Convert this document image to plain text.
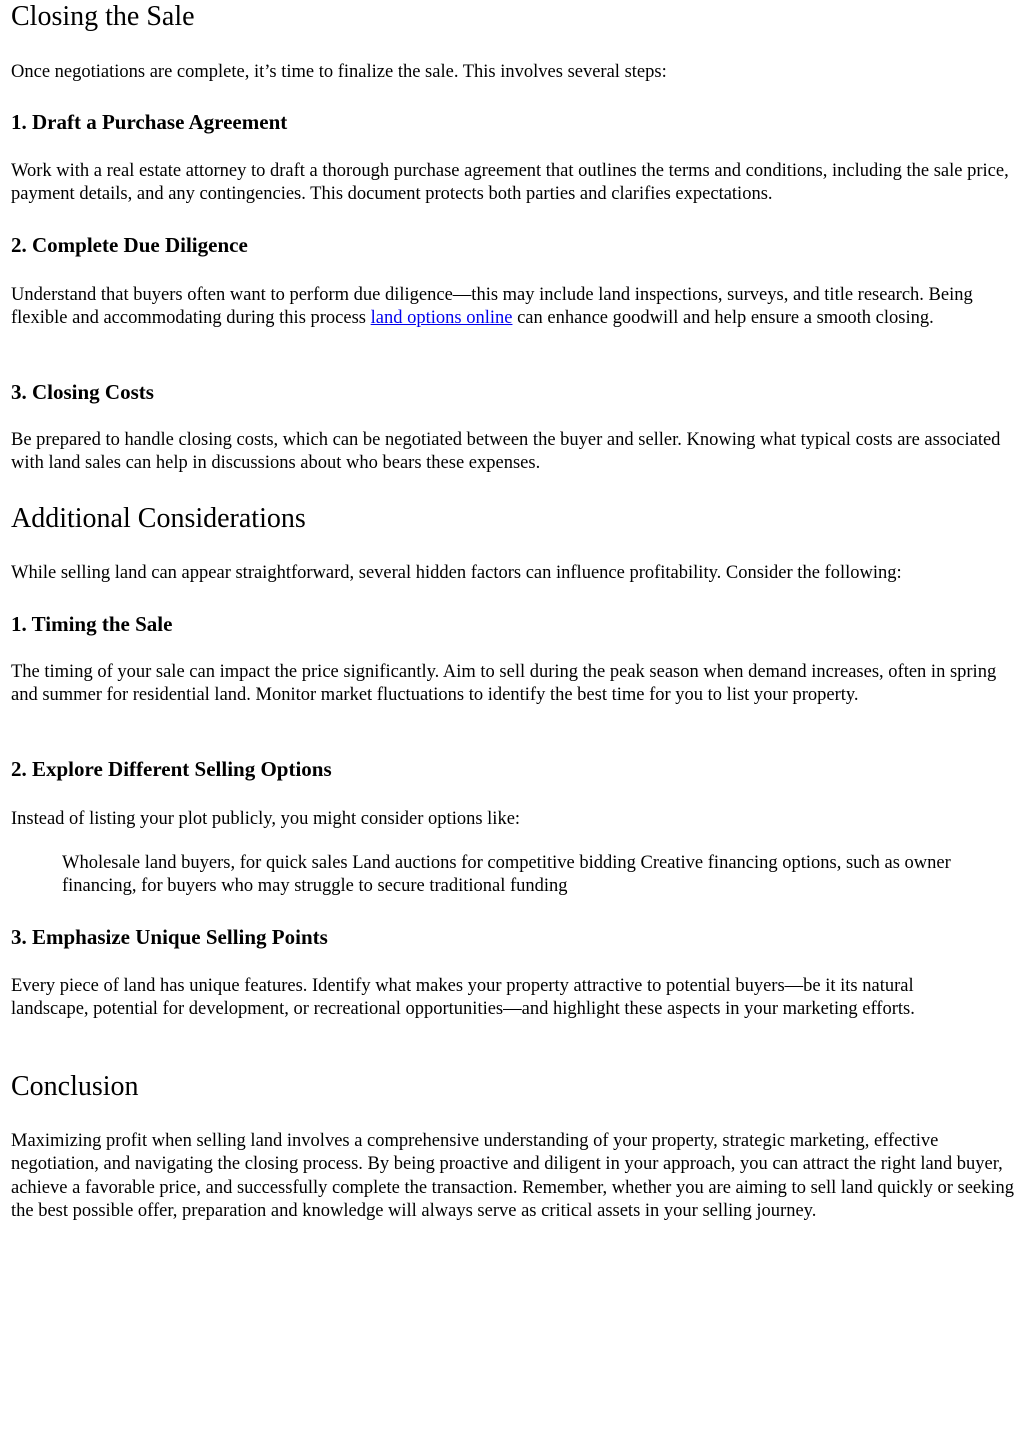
Closing the Sale

Once negotiations are complete, it’s time to finalize the sale. This involves several steps:

1. Draft a Purchase Agreement

Work with a real estate attorney to draft a thorough purchase agreement that outlines the terms and conditions, including the sale price, payment details, and any contingencies. This document protects both parties and clarifies expectations.

2. Complete Due Diligence

Understand that buyers often want to perform due diligence—this may include land inspections, surveys, and title research. Being flexible and accommodating during this process land options online can enhance goodwill and help ensure a smooth closing.

3. Closing Costs

Be prepared to handle closing costs, which can be negotiated between the buyer and seller. Knowing what typical costs are associated with land sales can help in discussions about who bears these expenses.

Additional Considerations

While selling land can appear straightforward, several hidden factors can influence profitability. Consider the following:

1. Timing the Sale

The timing of your sale can impact the price significantly. Aim to sell during the peak season when demand increases, often in spring and summer for residential land. Monitor market fluctuations to identify the best time for you to list your property.

2. Explore Different Selling Options

Instead of listing your plot publicly, you might consider options like:

Wholesale land buyers, for quick sales Land auctions for competitive bidding Creative financing options, such as owner financing, for buyers who may struggle to secure traditional funding
3. Emphasize Unique Selling Points

Every piece of land has unique features. Identify what makes your property attractive to potential buyers—be it its natural landscape, potential for development, or recreational opportunities—and highlight these aspects in your marketing efforts.

Conclusion

Maximizing profit when selling land involves a comprehensive understanding of your property, strategic marketing, effective negotiation, and navigating the closing process. By being proactive and diligent in your approach, you can attract the right land buyer, achieve a favorable price, and successfully complete the transaction. Remember, whether you are aiming to sell land quickly or seeking the best possible offer, preparation and knowledge will always serve as critical assets in your selling journey.
